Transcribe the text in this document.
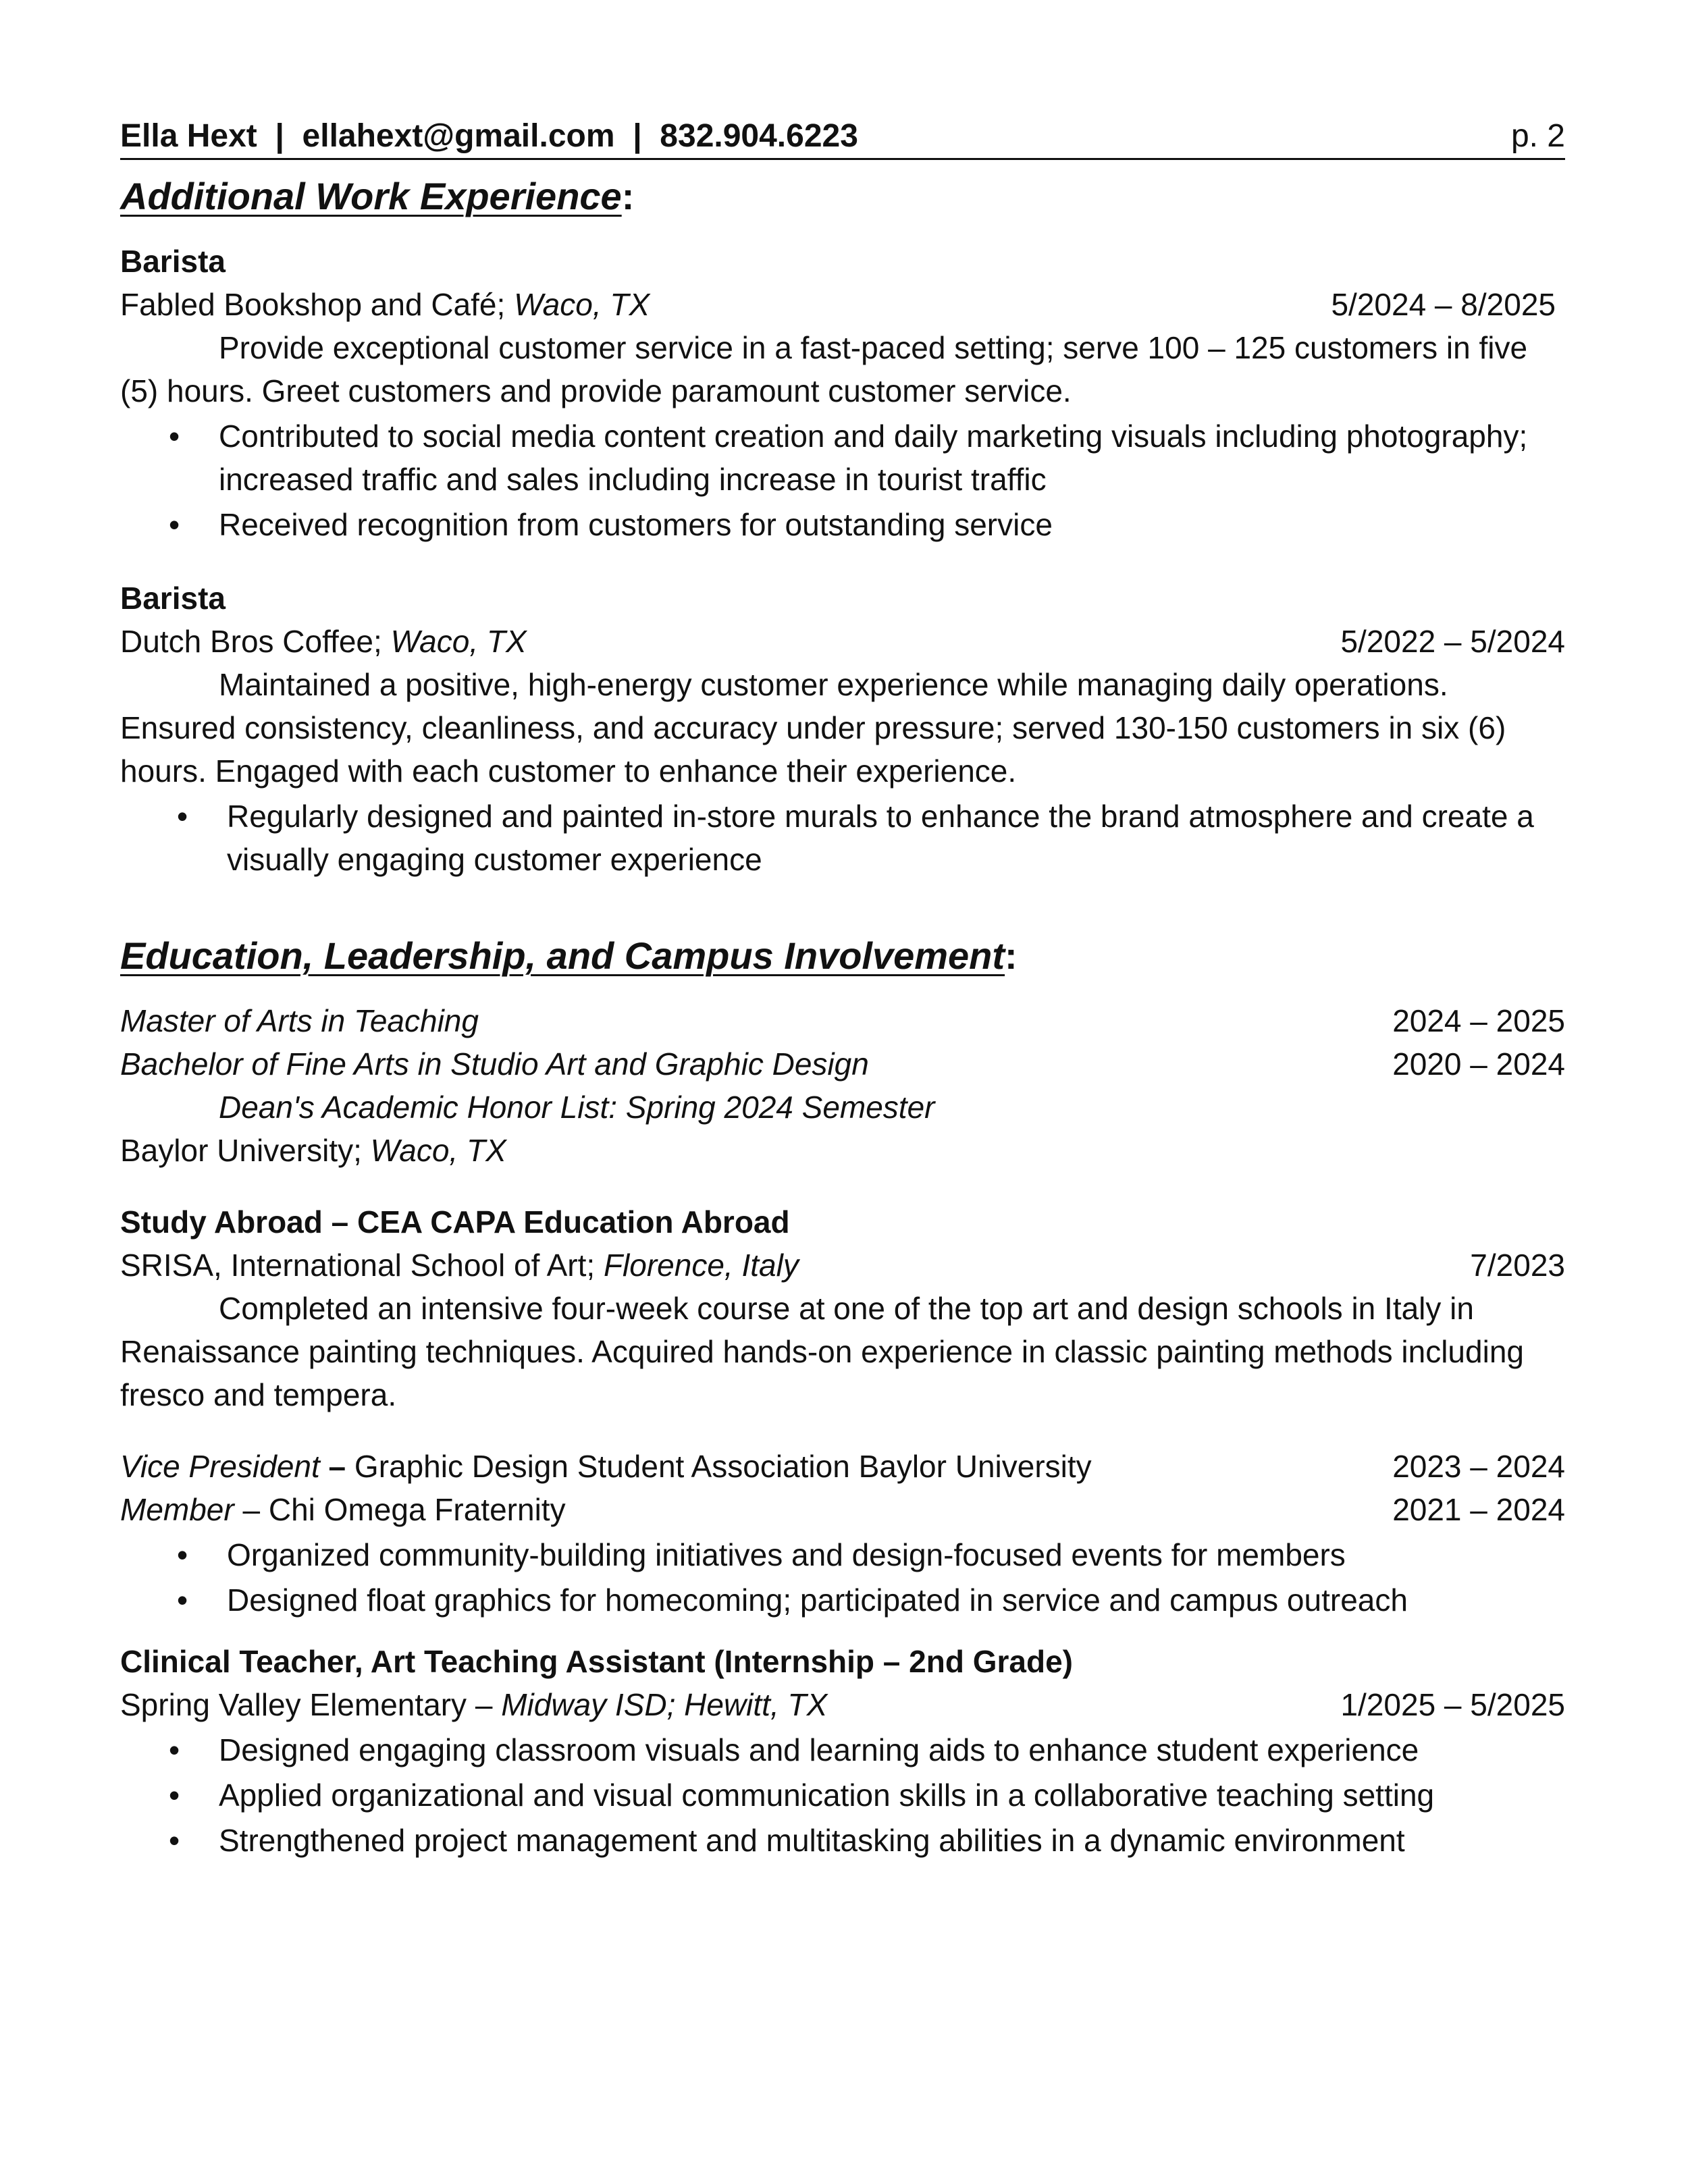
Ella Hext | ellahext@gmail.com | 832.904.6223	p. 2
Additional Work Experience:
Barista
Fabled Bookshop and Café; Waco, TX	5/2024 – 8/2025
Provide exceptional customer service in a fast-paced setting; serve 100 – 125 customers in five (5) hours. Greet customers and provide paramount customer service.
• Contributed to social media content creation and daily marketing visuals including photography; increased traffic and sales including increase in tourist traffic
• Received recognition from customers for outstanding service
Barista
Dutch Bros Coffee; Waco, TX	5/2022 – 5/2024
Maintained a positive, high-energy customer experience while managing daily operations. Ensured consistency, cleanliness, and accuracy under pressure; served 130-150 customers in six (6) hours. Engaged with each customer to enhance their experience.
• Regularly designed and painted in-store murals to enhance the brand atmosphere and create a visually engaging customer experience
Education, Leadership, and Campus Involvement:
Master of Arts in Teaching	2024 – 2025
Bachelor of Fine Arts in Studio Art and Graphic Design	2020 – 2024
Dean's Academic Honor List: Spring 2024 Semester
Baylor University; Waco, TX
Study Abroad – CEA CAPA Education Abroad
SRISA, International School of Art; Florence, Italy	7/2023
Completed an intensive four-week course at one of the top art and design schools in Italy in Renaissance painting techniques. Acquired hands-on experience in classic painting methods including fresco and tempera.
Vice President – Graphic Design Student Association Baylor University	2023 – 2024
Member – Chi Omega Fraternity	2021 – 2024
• Organized community-building initiatives and design-focused events for members
• Designed float graphics for homecoming; participated in service and campus outreach
Clinical Teacher, Art Teaching Assistant (Internship – 2nd Grade)
Spring Valley Elementary – Midway ISD; Hewitt, TX	1/2025 – 5/2025
• Designed engaging classroom visuals and learning aids to enhance student experience
• Applied organizational and visual communication skills in a collaborative teaching setting
• Strengthened project management and multitasking abilities in a dynamic environment
